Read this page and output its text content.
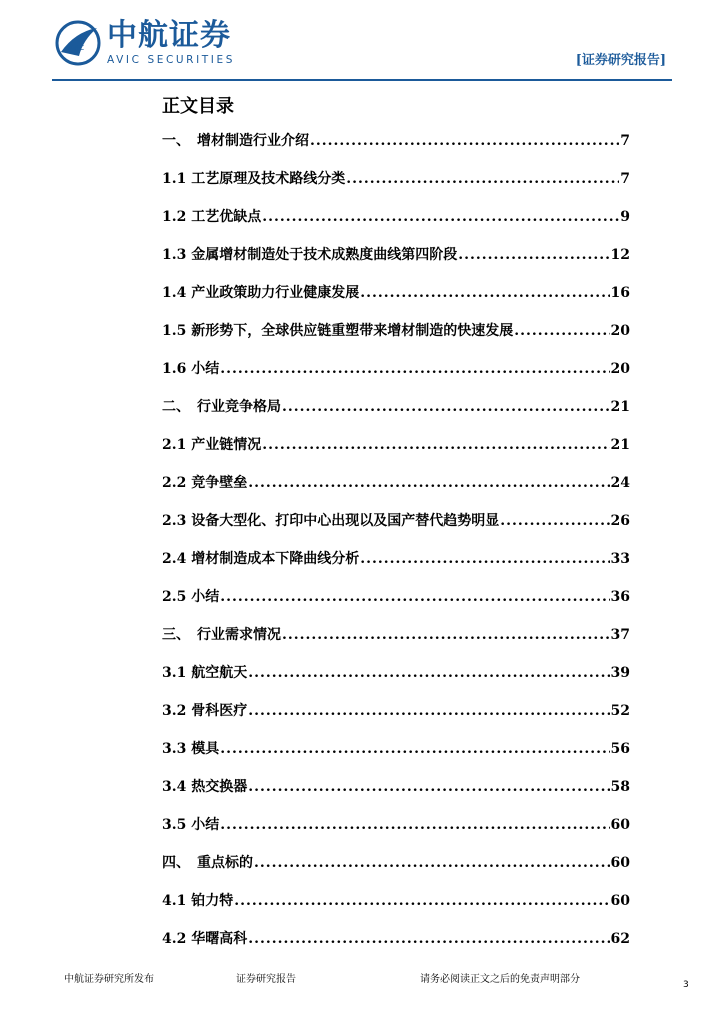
AVIC 中航证券
AVIC SECURITIES	[证券研究报告]
正文目录
一、　增材制造行业介绍 .....	7
1.1 工艺原理及技术路线分类 .....	7
1.2 工艺优缺点 .....	9
1.3 金属增材制造处于技术成熟度曲线第四阶段 .....	12
1.4 产业政策助力行业健康发展 .....	16
1.5 新形势下，全球供应链重塑带来增材制造的快速发展 .....	20
1.6 小结 .....	20
二、　行业竞争格局 .....	21
2.1 产业链情况 .....	21
2.2 竞争壁垒 .....	24
2.3 设备大型化、打印中心出现以及国产替代趋势明显 .....	26
2.4 增材制造成本下降曲线分析 .....	33
2.5 小结 .....	36
三、　行业需求情况 .....	37
3.1 航空航天 .....	39
3.2 骨科医疗 .....	52
3.3 模具 .....	56
3.4 热交换器 .....	58
3.5 小结 .....	60
四、　重点标的 .....	60
4.1 铂力特 .....	60
4.2 华曙高科 .....	62
中航证券研究所发布	证券研究报告	请务必阅读正文之后的免责声明部分	3
